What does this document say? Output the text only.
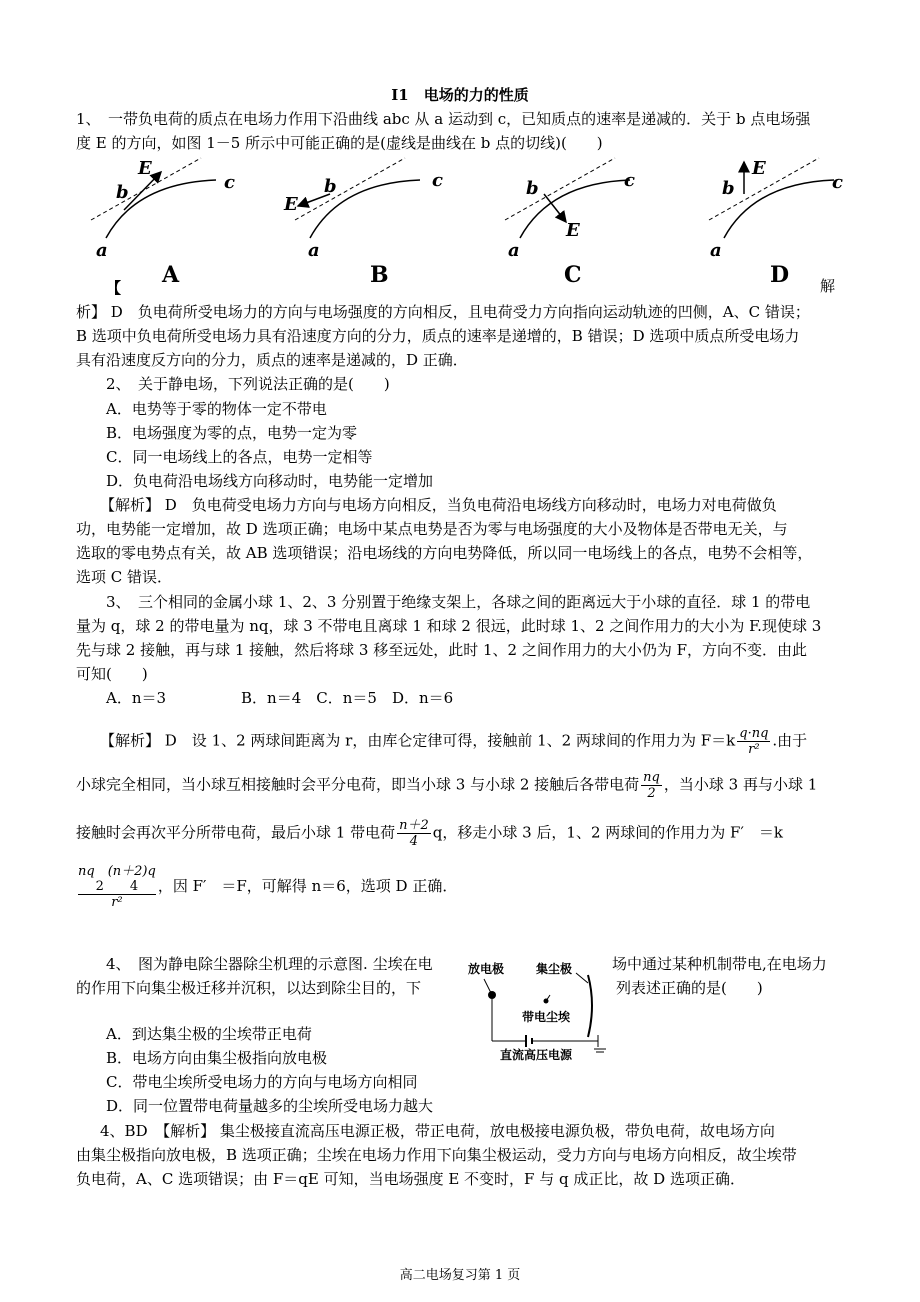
I1　电场的力的性质
1、　一带负电荷的质点在电场力作用下沿曲线 abc 从 a 运动到 c，已知质点的速率是递减的．关于 b 点电场强
度 E 的方向，如图 1－5 所示中可能正确的是(虚线是曲线在 b 点的切线)(　　)
E
b	c
a
A
E
b	c
a
B
E
b	c
a
C
E
b	c
a
D
【	解
析】 D　负电荷所受电场力的方向与电场强度的方向相反，且电荷受力方向指向运动轨迹的凹侧，A、C 错误；
B 选项中负电荷所受电场力具有沿速度方向的分力，质点的速率是递增的，B 错误；D 选项中质点所受电场力
具有沿速度反方向的分力，质点的速率是递减的，D 正确．
2、　关于静电场，下列说法正确的是(　　)
A．电势等于零的物体一定不带电
B．电场强度为零的点，电势一定为零
C．同一电场线上的各点，电势一定相等
D．负电荷沿电场线方向移动时，电势能一定增加
【解析】 D　负电荷受电场力方向与电场方向相反，当负电荷沿电场线方向移动时，电场力对电荷做负
功，电势能一定增加，故 D 选项正确；电场中某点电势是否为零与电场强度的大小及物体是否带电无关，与
选取的零电势点有关，故 AB 选项错误；沿电场线的方向电势降低，所以同一电场线上的各点，电势不会相等，
选项 C 错误．
3、　三个相同的金属小球 1、2、3 分别置于绝缘支架上，各球之间的距离远大于小球的直径．球 1 的带电
量为 q，球 2 的带电量为 nq，球 3 不带电且离球 1 和球 2 很远，此时球 1、2 之间作用力的大小为 F.现使球 3
先与球 2 接触，再与球 1 接触，然后将球 3 移至远处，此时 1、2 之间作用力的大小仍为 F，方向不变．由此
可知(　　)
A．n＝3　　　　　B．n＝4　C．n＝5　D．n＝6
【解析】 D　设 1、2 两球间距离为 r，由库仑定律可得，接触前 1、2 两球间的作用力为 $F=k \frac{q\cdot nq}{\text{r²}}$ .由于
小球完全相同，当小球互相接触时会平分电荷，即当小球 3 与小球 2 接触后各带电荷 $\frac{nq}{2}$ ，当小球 3 再与小球 1
接触时会再次平分所带电荷，最后小球 1 带电荷 $\frac{n+2}{4}$ q，移走小球 3 后，1、2 两球间的作用力为 F′　＝k
nq　(n＋2)q
2　　4
r²
，因 F′　＝F，可解得 n＝6，选项 D 正确．
4、　图为静电除尘器除尘机理的示意图. 尘埃在电	场中通过某种机制带电,在电场力
的作用下向集尘极迁移并沉积，以达到除尘目的，下	列表述正确的是(　　)
放电极	集尘极
带电尘埃
直流高压电源
A．到达集尘极的尘埃带正电荷
B．电场方向由集尘极指向放电极
C．带电尘埃所受电场力的方向与电场方向相同
D．同一位置带电荷量越多的尘埃所受电场力越大
4、BD　【解析】 集尘极接直流高压电源正极，带正电荷，放电极接电源负极，带负电荷，故电场方向
由集尘极指向放电极，B 选项正确；尘埃在电场力作用下向集尘极运动，受力方向与电场方向相反，故尘埃带
负电荷，A、C 选项错误；由 F＝qE 可知，当电场强度 E 不变时，F 与 q 成正比，故 D 选项正确．
高二电场复习第 1 页
